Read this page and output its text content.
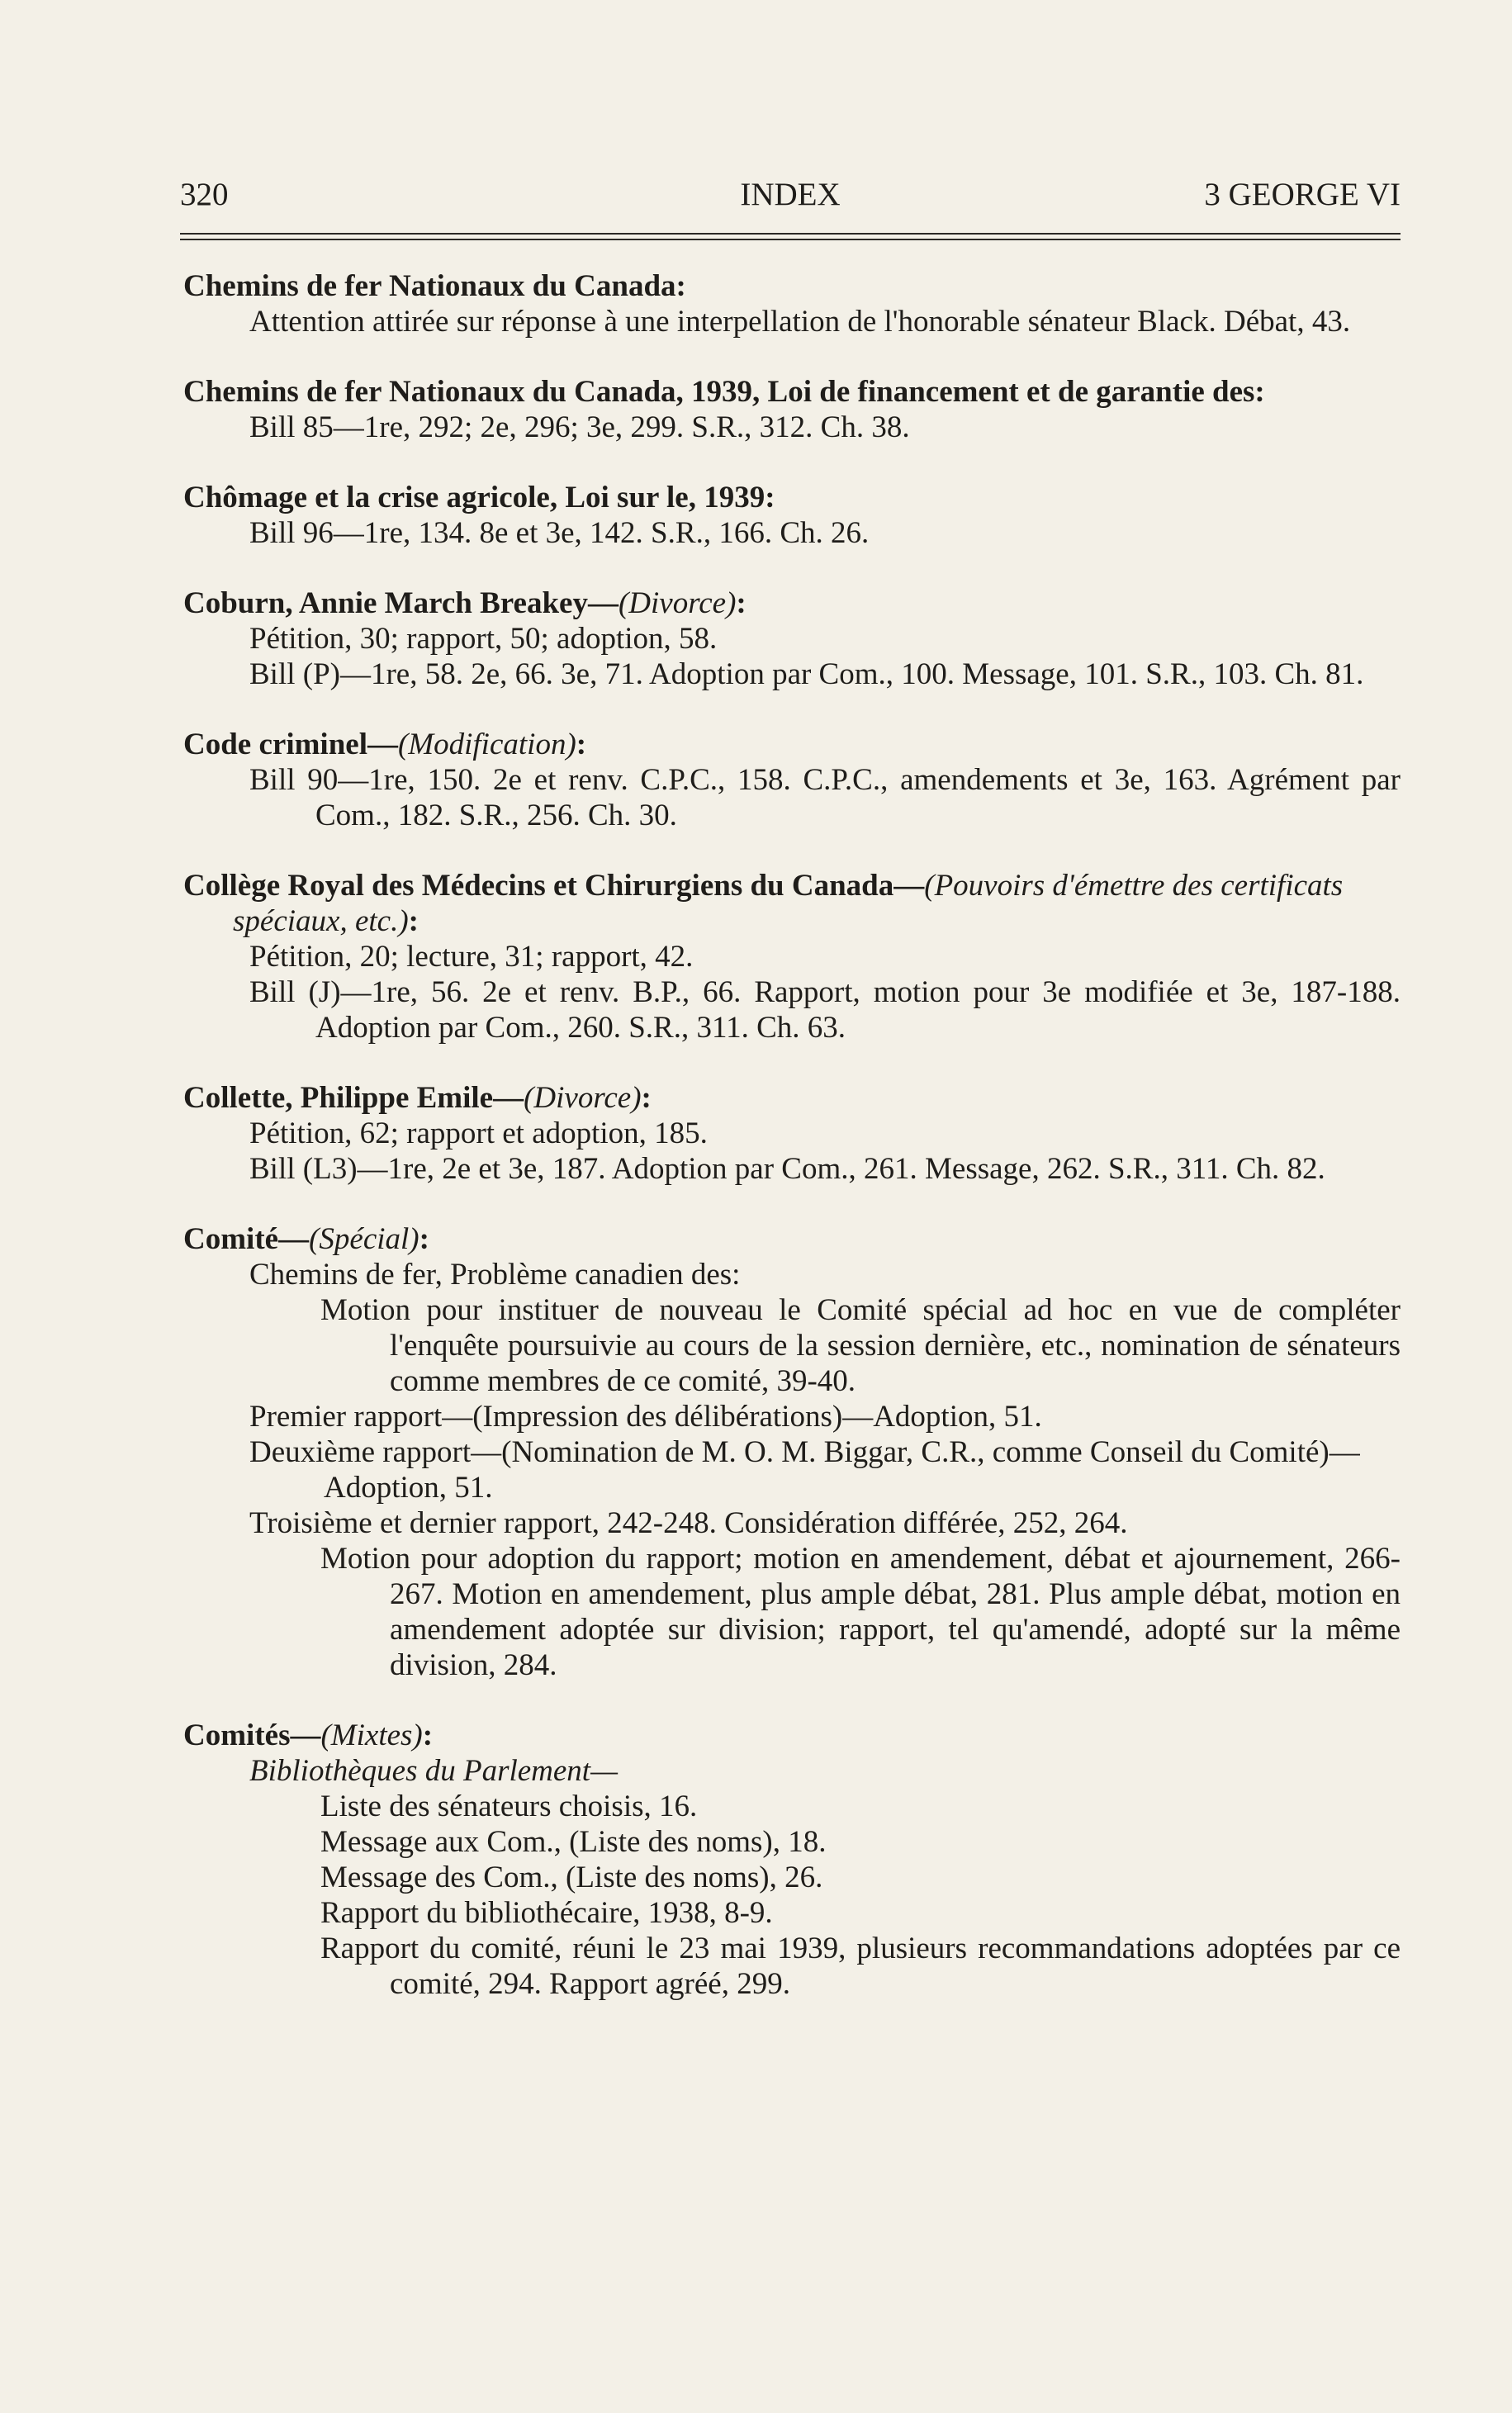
320	INDEX	3 GEORGE VI

Chemins de fer Nationaux du Canada:

Attention attirée sur réponse à une interpellation de l'honorable sénateur Black. Débat, 43.

Chemins de fer Nationaux du Canada, 1939, Loi de financement et de garantie des:

Bill 85—1re, 292; 2e, 296; 3e, 299. S.R., 312. Ch. 38.

Chômage et la crise agricole, Loi sur le, 1939:

Bill 96—1re, 134. 8e et 3e, 142. S.R., 166. Ch. 26.

Coburn, Annie March Breakey—(Divorce):

Pétition, 30; rapport, 50; adoption, 58.

Bill (P)—1re, 58. 2e, 66. 3e, 71. Adoption par Com., 100. Message, 101. S.R., 103. Ch. 81.

Code criminel—(Modification):

Bill 90—1re, 150. 2e et renv. C.P.C., 158. C.P.C., amendements et 3e, 163. Agrément par Com., 182. S.R., 256. Ch. 30.

Collège Royal des Médecins et Chirurgiens du Canada—(Pouvoirs d'émettre des certificats spéciaux, etc.):

Pétition, 20; lecture, 31; rapport, 42.

Bill (J)—1re, 56. 2e et renv. B.P., 66. Rapport, motion pour 3e modifiée et 3e, 187-188. Adoption par Com., 260. S.R., 311. Ch. 63.

Collette, Philippe Emile—(Divorce):

Pétition, 62; rapport et adoption, 185.

Bill (L3)—1re, 2e et 3e, 187. Adoption par Com., 261. Message, 262. S.R., 311. Ch. 82.

Comité—(Spécial):

Chemins de fer, Problème canadien des:

Motion pour instituer de nouveau le Comité spécial ad hoc en vue de compléter l'enquête poursuivie au cours de la session dernière, etc., nomination de sénateurs comme membres de ce comité, 39-40.

Premier rapport—(Impression des délibérations)—Adoption, 51.

Deuxième rapport—(Nomination de M. O. M. Biggar, C.R., comme Conseil du Comité)—Adoption, 51.

Troisième et dernier rapport, 242-248. Considération différée, 252, 264.

Motion pour adoption du rapport; motion en amendement, débat et ajournement, 266-267. Motion en amendement, plus ample débat, 281. Plus ample débat, motion en amendement adoptée sur division; rapport, tel qu'amendé, adopté sur la même division, 284.

Comités—(Mixtes):

Bibliothèques du Parlement—

Liste des sénateurs choisis, 16.

Message aux Com., (Liste des noms), 18.

Message des Com., (Liste des noms), 26.

Rapport du bibliothécaire, 1938, 8-9.

Rapport du comité, réuni le 23 mai 1939, plusieurs recommandations adoptées par ce comité, 294. Rapport agréé, 299.
